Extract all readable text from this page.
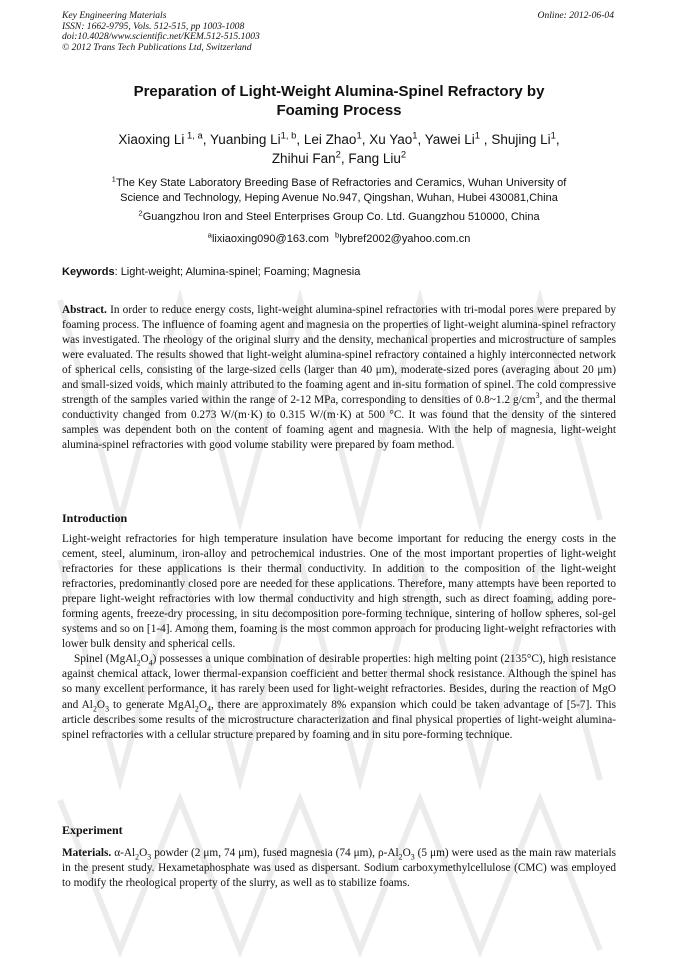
Key Engineering Materials
ISSN: 1662-9795, Vols. 512-515, pp 1003-1008
doi:10.4028/www.scientific.net/KEM.512-515.1003
© 2012 Trans Tech Publications Ltd, Switzerland
Online: 2012-06-04
Preparation of Light-Weight Alumina-Spinel Refractory by
Foaming Process
Xiaoxing Li $^{1, a}$, Yuanbing Li$^{1, b}$, Lei Zhao$^1$, Xu Yao$^1$, Yawei Li$^1$ , Shujing Li$^1$,
Zhihui Fan$^2$, Fang Liu$^2$
$^1$The Key State Laboratory Breeding Base of Refractories and Ceramics, Wuhan University of
Science and Technology, Heping Avenue No.947, Qingshan, Wuhan, Hubei 430081,China
$^2$Guangzhou Iron and Steel Enterprises Group Co. Ltd. Guangzhou 510000, China
$^a$lixiaoxing090@163.com $^b$lybref2002@yahoo.com.cn
Keywords: Light-weight; Alumina-spinel; Foaming; Magnesia

Abstract. In order to reduce energy costs, light-weight alumina-spinel refractories with tri-modal pores were prepared by foaming process. The influence of foaming agent and magnesia on the properties of light-weight alumina-spinel refractory was investigated. The rheology of the original slurry and the density, mechanical properties and microstructure of samples were evaluated. The results showed that light-weight alumina-spinel refractory contained a highly interconnected network of spherical cells, consisting of the large-sized cells (larger than 40 μm), moderate-sized pores (averaging about 20 μm) and small-sized voids, which mainly attributed to the foaming agent and in-situ formation of spinel. The cold compressive strength of the samples varied within the range of 2-12 MPa, corresponding to densities of 0.8~1.2 $g/cm^3$, and the thermal conductivity changed from 0.273 W/(m·K) to 0.315 W/(m·K) at 500 °C. It was found that the density of the sintered samples was dependent both on the content of foaming agent and magnesia. With the help of magnesia, light-weight alumina-spinel refractories with good volume stability were prepared by foam method.

Introduction

Light-weight refractories for high temperature insulation have become important for reducing the energy costs in the cement, steel, aluminum, iron-alloy and petrochemical industries. One of the most important properties of light-weight refractories for these applications is their thermal conductivity. In addition to the composition of the light-weight refractories, predominantly closed pore are needed for these applications. Therefore, many attempts have been reported to prepare light-weight refractories with low thermal conductivity and high strength, such as direct foaming, adding pore-forming agents, freeze-dry processing, in situ decomposition pore-forming technique, sintering of hollow spheres, sol-gel systems and so on [1-4]. Among them, foaming is the most common approach for producing light-weight refractories with lower bulk density and spherical cells.

Spinel $(MgAl_2O_4)$ possesses a unique combination of desirable properties: high melting point (2135°C), high resistance against chemical attack, lower thermal-expansion coefficient and better thermal shock resistance. Although the spinel has so many excellent performance, it has rarely been used for light-weight refractories. Besides, during the reaction of MgO and $Al_2O_3$ to generate $MgAl_2O_4$, there are approximately 8% expansion which could be taken advantage of [5-7]. This article describes some results of the microstructure characterization and final physical properties of light-weight alumina-spinel refractories with a cellular structure prepared by foaming and in situ pore-forming technique.

Experiment

Materials. $\alpha-Al_2O_3$ powder (2 μm, 74 μm), fused magnesia (74 μm), $\rho-Al_2O_3$ (5 μm) were used as the main raw materials in the present study. Hexametaphosphate was used as dispersant. Sodium carboxymethylcellulose (CMC) was employed to modify the rheological property of the slurry, as well as to stabilize foams.
